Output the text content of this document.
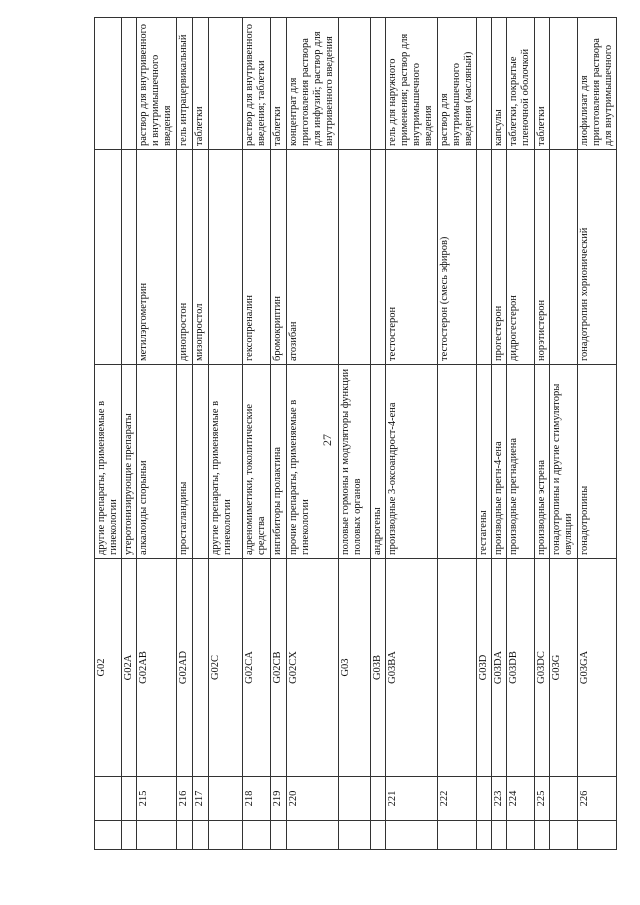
27
		G02	другие препараты, применяемые в гинекологии		
		G02A	утеротонизирующие препараты		
	215	G02AB	алкалоиды спорыньи	метилэргометрин	раствор для внутривенного и внутримышечного введения
	216	G02AD	простагландины	динопростон	гель интрацервикальный
	217			мизопростол	таблетки
		G02C	другие препараты, применяемые в гинекологии		
	218	G02CA	адреномиметики, токолитические средства	гексопреналин	раствор для внутривенного введения; таблетки
	219	G02CB	ингибиторы пролактина	бромокриптин	таблетки
	220	G02CX	прочие препараты, применяемые в гинекологии	атозибан	концентрат для приготовления раствора для инфузий; раствор для внутривенного введения
		G03	половые гормоны и модуляторы функции половых органов		
		G03B	андрогены		
	221	G03BA	производные 3-оксоандрост-4-ена	тестостерон	гель для наружного применения; раствор для внутримышечного введения
	222			тестостерон (смесь эфиров)	раствор для внутримышечного введения (масляный)
		G03D	гестагены		
	223	G03DA	производные прегн-4-ена	прогестерон	капсулы
	224	G03DB	производные прегнадиена	дидрогестерон	таблетки, покрытые пленочной оболочкой
	225	G03DC	производные эстрена	норэтистерон	таблетки
		G03G	гонадотропины и другие стимуляторы овуляции		
	226	G03GA	гонадотропины	гонадотропин хорионический	лиофилизат для приготовления раствора для внутримышечного
